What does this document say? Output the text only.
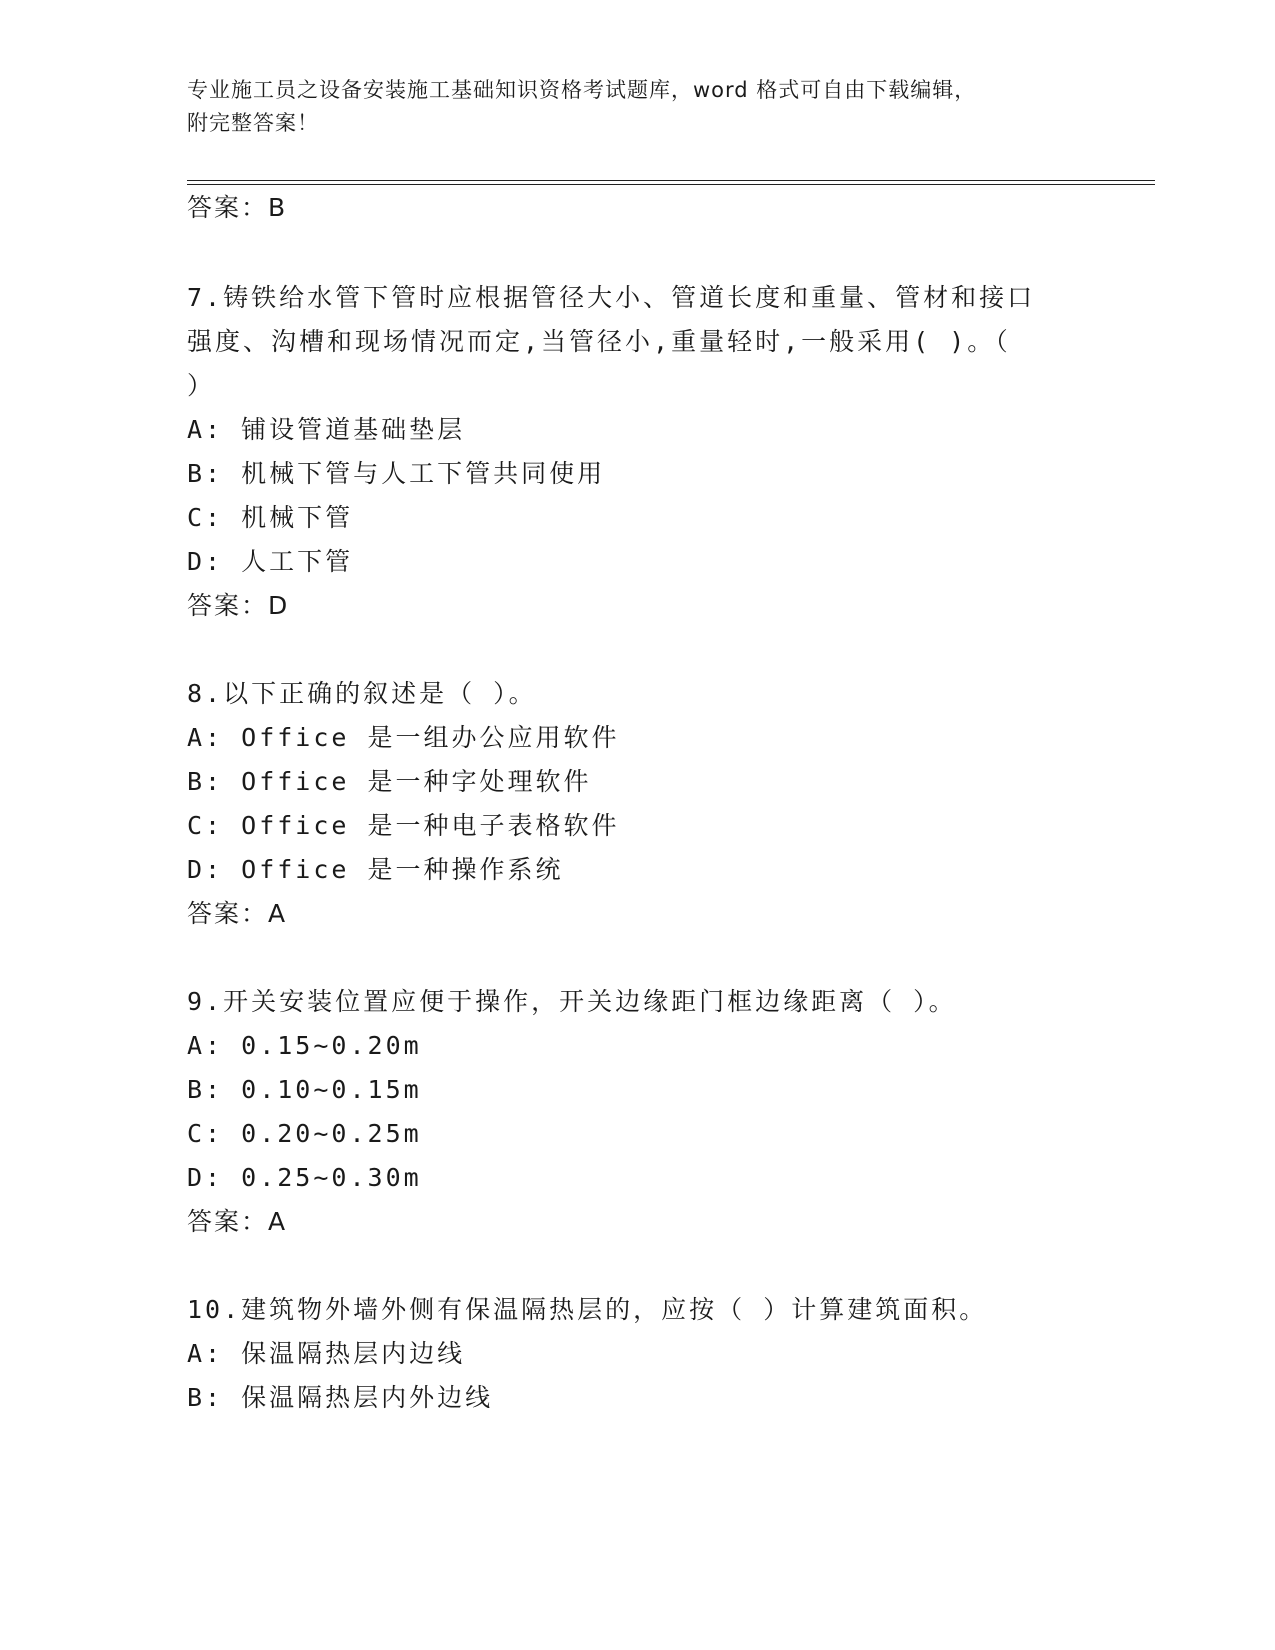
专业施工员之设备安装施工基础知识资格考试题库，word 格式可自由下载编辑，
附完整答案！
答案：B
7.铸铁给水管下管时应根据管径大小、管道长度和重量、管材和接口
强度、沟槽和现场情况而定,当管径小,重量轻时,一般采用( )。（
）
A: 铺设管道基础垫层
B: 机械下管与人工下管共同使用
C: 机械下管
D: 人工下管
答案：D
8.以下正确的叙述是（ ）。
A: Office 是一组办公应用软件
B: Office 是一种字处理软件
C: Office 是一种电子表格软件
D: Office 是一种操作系统
答案：A
9.开关安装位置应便于操作，开关边缘距门框边缘距离（ ）。
A: 0.15~0.20m
B: 0.10~0.15m
C: 0.20~0.25m
D: 0.25~0.30m
答案：A
10.建筑物外墙外侧有保温隔热层的，应按（ ）计算建筑面积。
A: 保温隔热层内边线
B: 保温隔热层内外边线
